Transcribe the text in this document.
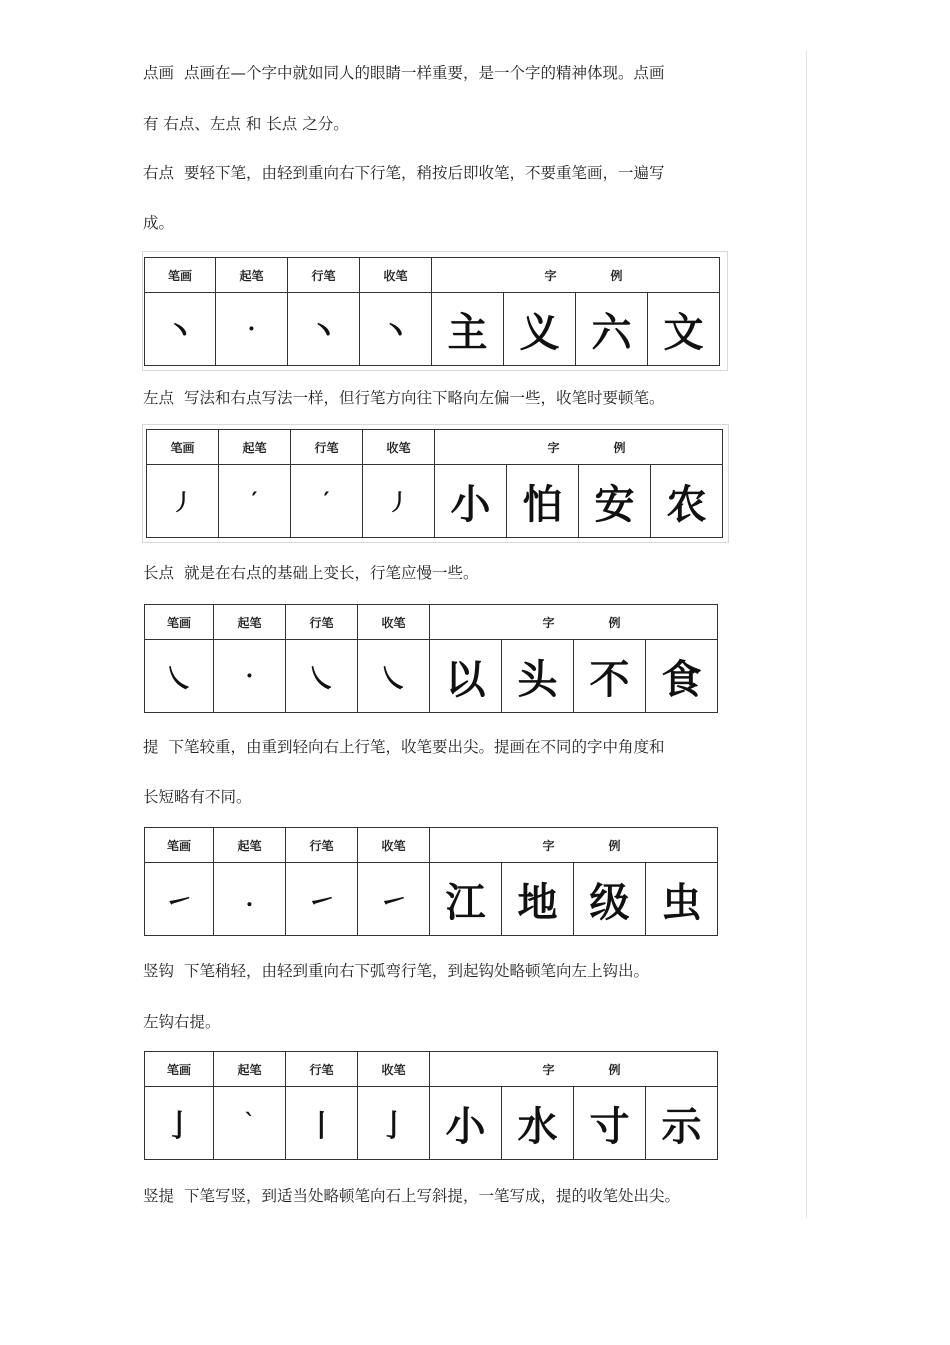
点画 点画在—个字中就如同人的眼睛一样重要，是一个字的精神体现。点画
有 右点、左点 和 长点 之分。
右点 要轻下笔，由轻到重向右下行笔，稍按后即收笔，不要重笔画，一遍写
成。
笔画	起笔	行笔	收笔	字 例			
丶	·	丶	丶	主	义	六	文
左点 写法和右点写法一样，但行笔方向往下略向左偏一些，收笔时要顿笔。
笔画	起笔	行笔	收笔	字 例			
丿	′	′	丿	小	怕	安	农
长点 就是在右点的基础上变长，行笔应慢一些。
笔画	起笔	行笔	收笔	字 例			
㇏	·	㇏	㇏	以	头	不	食
提 下笔较重，由重到轻向右上行笔，收笔要出尖。提画在不同的字中角度和
长短略有不同。
笔画	起笔	行笔	收笔	字 例			
㇀	.	㇀	㇀	江	地	级	虫
竖钩 下笔稍轻，由轻到重向右下弧弯行笔，到起钩处略顿笔向左上钩出。
左钩右提。
笔画	起笔	行笔	收笔	字 例			
亅	`	丨	亅	小	水	寸	示
竖提 下笔写竖，到适当处略顿笔向石上写斜提，一笔写成，提的收笔处出尖。
